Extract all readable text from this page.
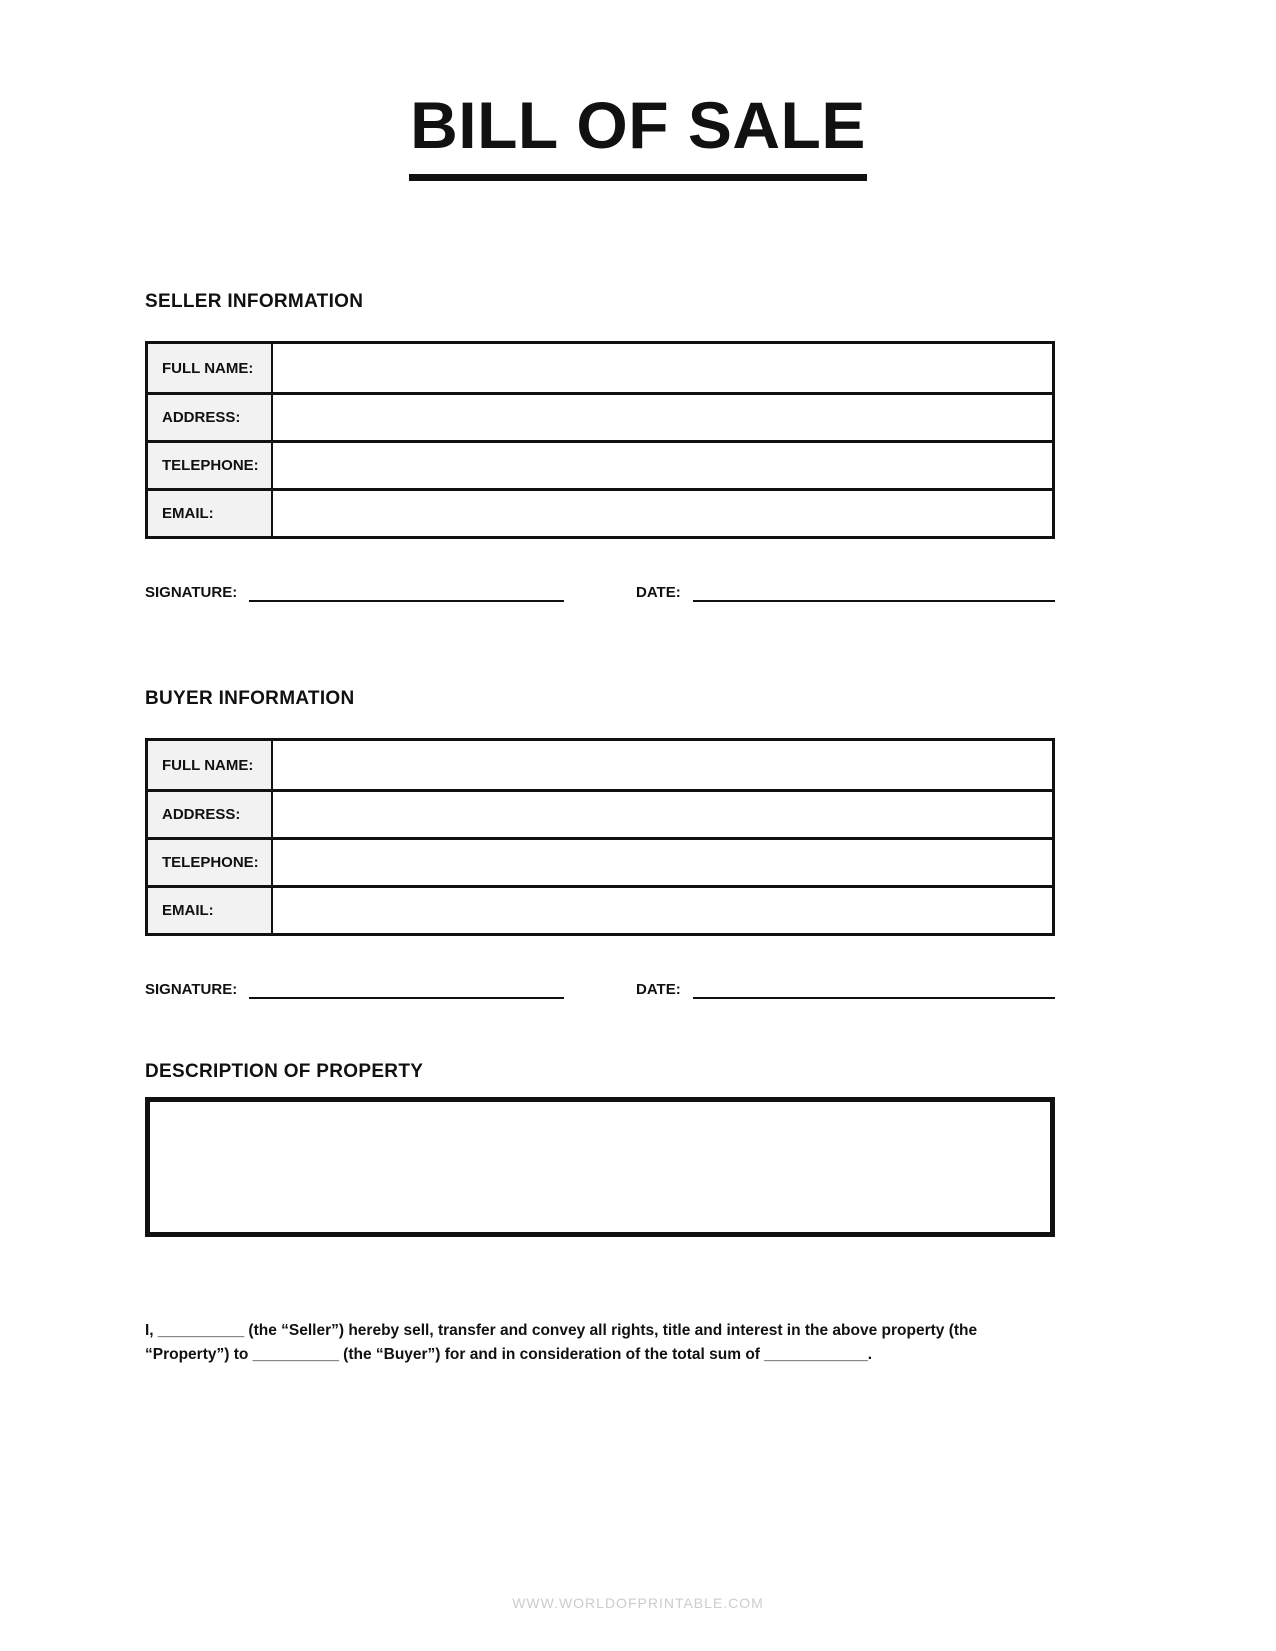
BILL OF SALE
SELLER INFORMATION
FULL NAME:
ADDRESS:
TELEPHONE:
EMAIL:
SIGNATURE:	DATE:
BUYER INFORMATION
FULL NAME:
ADDRESS:
TELEPHONE:
EMAIL:
SIGNATURE:	DATE:
DESCRIPTION OF PROPERTY

I, __________ (the “Seller”) hereby sell, transfer and convey all rights, title and interest in the above property (the “Property”) to __________ (the “Buyer”) for and in consideration of the total sum of ____________.

WWW.WORLDOFPRINTABLE.COM
